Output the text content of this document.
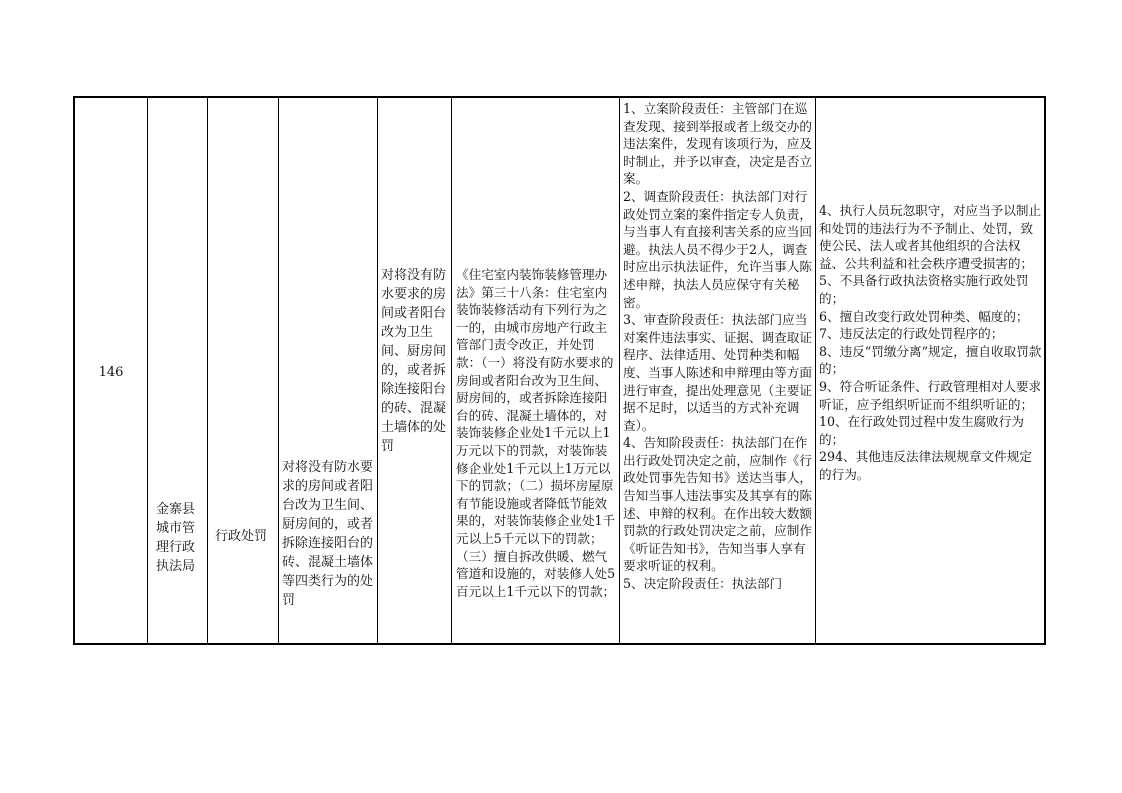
146
金寨县城市管理行政执法局
行政处罚
对将没有防水要求的房间或者阳台改为卫生间、厨房间的，或者拆除连接阳台的砖、混凝土墙体等四类行为的处罚
对将没有防水要求的房间或者阳台改为卫生间、厨房间的，或者拆除连接阳台的砖、混凝土墙体的处罚
《住宅室内装饰装修管理办法》第三十八条：住宅室内装饰装修活动有下列行为之一的，由城市房地产行政主管部门责令改正，并处罚款：（一）将没有防水要求的房间或者阳台改为卫生间、厨房间的，或者拆除连接阳台的砖、混凝土墙体的，对装饰装修企业处1千元以上1万元以下的罚款，对装饰装修企业处1千元以上1万元以下的罚款；（二）损坏房屋原有节能设施或者降低节能效果的，对装饰装修企业处1千元以上5千元以下的罚款；（三）擅自拆改供暖、燃气管道和设施的，对装修人处5百元以上1千元以下的罚款；
1、立案阶段责任：主管部门在巡查发现、接到举报或者上级交办的违法案件，发现有该项行为，应及时制止，并予以审查，决定是否立案。
2、调查阶段责任：执法部门对行政处罚立案的案件指定专人负责，与当事人有直接利害关系的应当回避。执法人员不得少于2人，调查时应出示执法证件，允许当事人陈述申辩，执法人员应保守有关秘密。
3、审查阶段责任：执法部门应当对案件违法事实、证据、调查取证程序、法律适用、处罚种类和幅度、当事人陈述和申辩理由等方面进行审查，提出处理意见（主要证据不足时，以适当的方式补充调查）。
4、告知阶段责任：执法部门在作出行政处罚决定之前，应制作《行政处罚事先告知书》送达当事人，告知当事人违法事实及其享有的陈述、申辩的权利。在作出较大数额罚款的行政处罚决定之前，应制作《听证告知书》，告知当事人享有要求听证的权利。
5、决定阶段责任：执法部门
4、执行人员玩忽职守，对应当予以制止和处罚的违法行为不予制止、处罚，致使公民、法人或者其他组织的合法权益、公共利益和社会秩序遭受损害的；
5、不具备行政执法资格实施行政处罚的；
6、擅自改变行政处罚种类、幅度的；
7、违反法定的行政处罚程序的；
8、违反“罚缴分离”规定，擅自收取罚款的；
9、符合听证条件、行政管理相对人要求听证，应予组织听证而不组织听证的；
10、在行政处罚过程中发生腐败行为的；
294、其他违反法律法规规章文件规定的行为。
